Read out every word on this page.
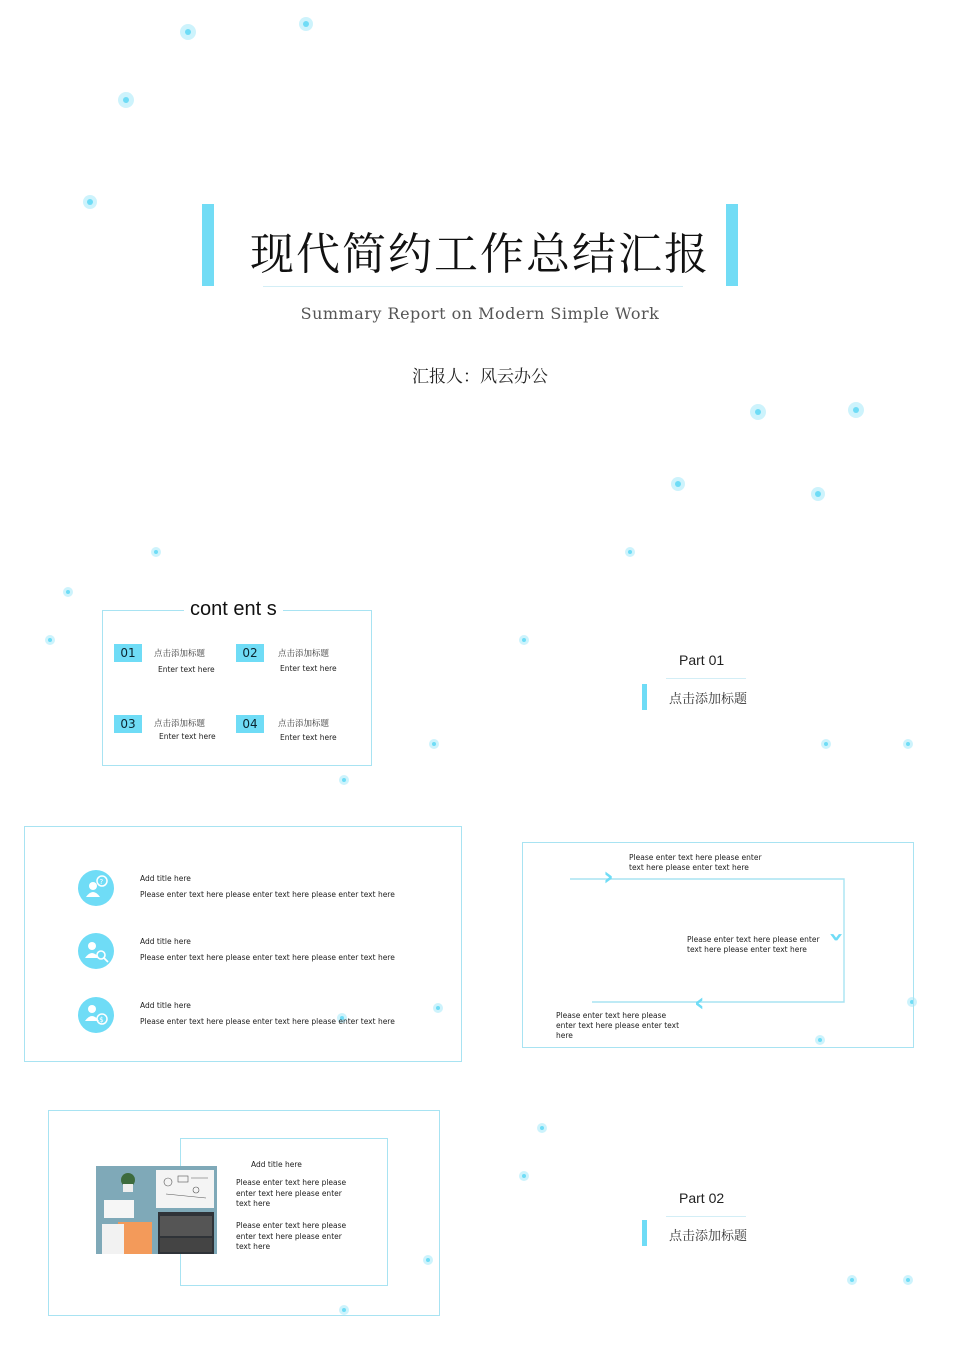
现代简约工作总结汇报
Summary Report on Modern Simple Work
汇报人：风云办公
cont ent s
01	点击添加标题
Enter text here
02	点击添加标题
Enter text here
03	点击添加标题
Enter text here
04	点击添加标题
Enter text here
Part 01
点击添加标题
?	Add title here
Please enter text here please enter text here please enter text here
Add title here
Please enter text here please enter text here please enter text here
$
Add title here
Please enter text here please enter text here please enter text here
›
›
‹
Please enter text here please enter text here please enter text here
Please enter text here please enter text here please enter text here
Please enter text here please enter text here please enter text here
Add title here
Please enter text here please enter text here please enter text here
Please enter text here please enter text here please enter text here
Part 02
点击添加标题
